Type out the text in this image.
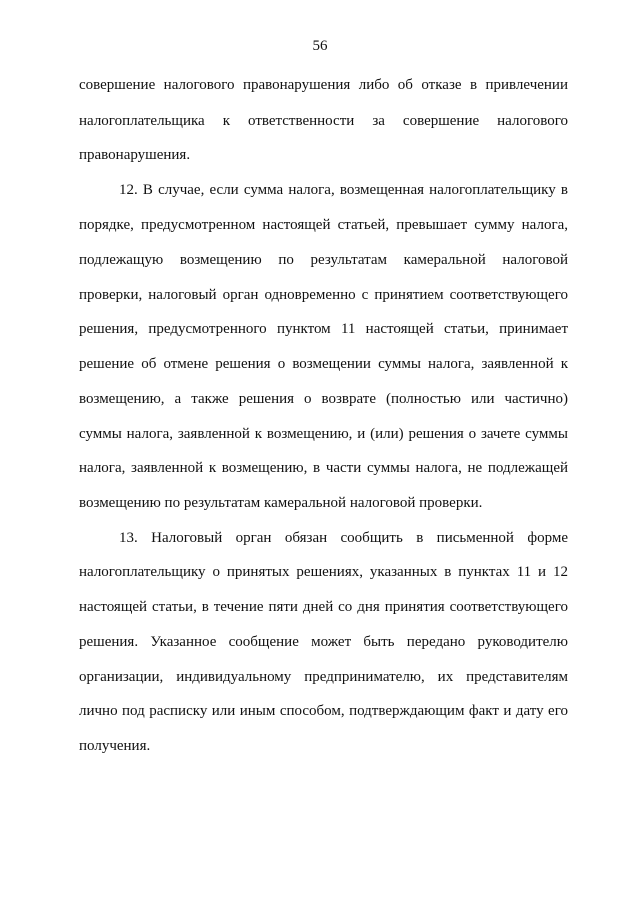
56
совершение налогового правонарушения либо об отказе в привлечении
налогоплательщика к ответственности за совершение налогового
правонарушения.
12. В случае, если сумма налога, возмещенная налогоплательщику в
порядке, предусмотренном настоящей статьей, превышает сумму налога,
подлежащую возмещению по результатам камеральной налоговой
проверки, налоговый орган одновременно с принятием соответствующего
решения, предусмотренного пунктом 11 настоящей статьи, принимает
решение об отмене решения о возмещении суммы налога, заявленной к
возмещению, а также решения о возврате (полностью или частично)
суммы налога, заявленной к возмещению, и (или) решения о зачете суммы
налога, заявленной к возмещению, в части суммы налога, не подлежащей
возмещению по результатам камеральной налоговой проверки.
13. Налоговый орган обязан сообщить в письменной форме
налогоплательщику о принятых решениях, указанных в пунктах 11 и 12
настоящей статьи, в течение пяти дней со дня принятия соответствующего
решения. Указанное сообщение может быть передано руководителю
организации, индивидуальному предпринимателю, их представителям
лично под расписку или иным способом, подтверждающим факт и дату его
получения.
